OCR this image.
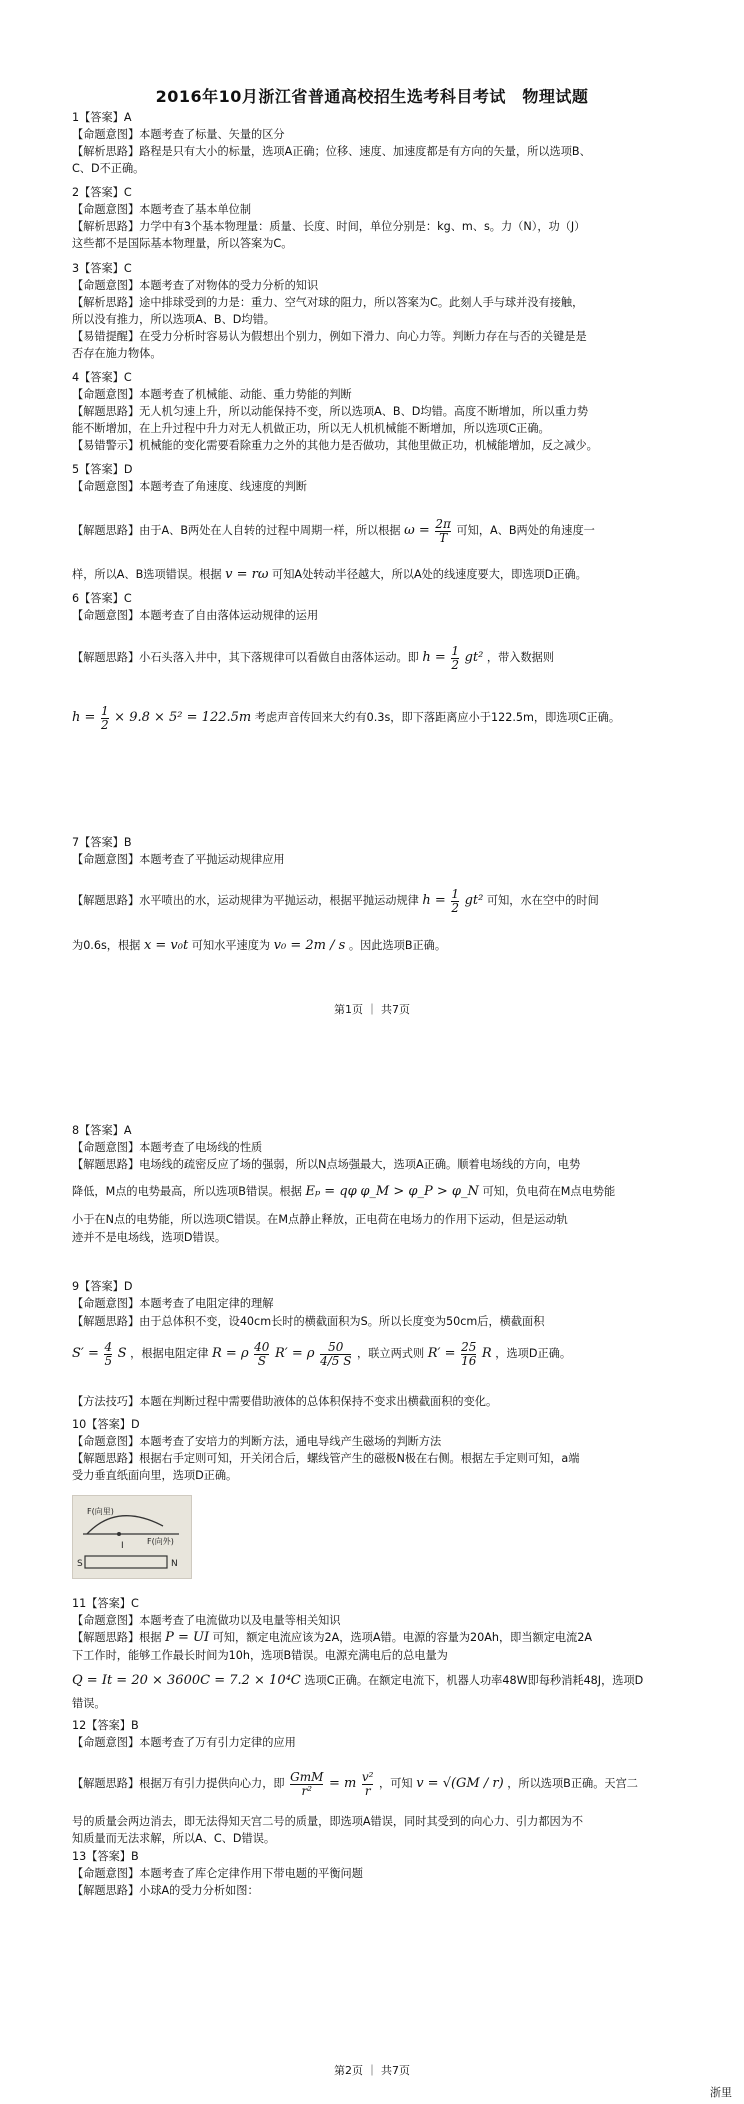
2016年10月浙江省普通高校招生选考科目考试　物理试题
1【答案】A
【命题意图】本题考查了标量、矢量的区分
【解析思路】路程是只有大小的标量，选项A正确；位移、速度、加速度都是有方向的矢量，所以选项B、
C、D不正确。
2【答案】C
【命题意图】本题考查了基本单位制
【解析思路】力学中有3个基本物理量：质量、长度、时间，单位分别是：kg、m、s。力（N），功（J）
这些都不是国际基本物理量，所以答案为C。
3【答案】C
【命题意图】本题考查了对物体的受力分析的知识
【解析思路】途中排球受到的力是：重力、空气对球的阻力，所以答案为C。此刻人手与球并没有接触，
所以没有推力，所以选项A、B、D均错。
【易错提醒】在受力分析时容易认为假想出个别力，例如下滑力、向心力等。判断力存在与否的关键是是
否存在施力物体。
4【答案】C
【命题意图】本题考查了机械能、动能、重力势能的判断
【解题思路】无人机匀速上升，所以动能保持不变，所以选项A、B、D均错。高度不断增加，所以重力势
能不断增加，在上升过程中升力对无人机做正功，所以无人机机械能不断增加，所以选项C正确。
【易错警示】机械能的变化需要看除重力之外的其他力是否做功，其他里做正功，机械能增加，反之减少。
5【答案】D
【命题意图】本题考查了角速度、线速度的判断
【解题思路】由于A、B两处在人自转的过程中周期一样，所以根据 $\omega = \frac{2\pi}{T}$ 可知，A、B两处的角速度一
样，所以A、B选项错误。根据 v = rω 可知A处转动半径越大，所以A处的线速度要大，即选项D正确。
6【答案】C
【命题意图】本题考查了自由落体运动规律的运用
【解题思路】小石头落入井中，其下落规律可以看做自由落体运动。即 $h = \frac{1}{2} gt^2$ ，带入数据则
$h = \frac{1}{2} \times 9.8 \times 5^2 = 122.5m$ 考虑声音传回来大约有0.3s，即下落距离应小于122.5m，即选项C正确。
7【答案】B
【命题意图】本题考查了平抛运动规律应用
【解题思路】水平喷出的水，运动规律为平抛运动，根据平抛运动规律 $h = \frac{1}{2} gt^2$ 可知，水在空中的时间
为0.6s，根据 x = v₀t 可知水平速度为 v₀ = 2m / s 。因此选项B正确。
第1页 ｜ 共7页
8【答案】A
【命题意图】本题考查了电场线的性质
【解题思路】电场线的疏密反应了场的强弱，所以N点场强最大，选项A正确。顺着电场线的方向，电势
降低，M点的电势最高，所以选项B错误。根据 Eₚ = qφ φ_M > φ_P > φ_N 可知，负电荷在M点电势能
小于在N点的电势能，所以选项C错误。在M点静止释放，正电荷在电场力的作用下运动，但是运动轨
迹并不是电场线，选项D错误。
9【答案】D
【命题意图】本题考查了电阻定律的理解
【解题思路】由于总体积不变，设40cm长时的横截面积为S。所以长度变为50cm后，横截面积
$S' = \frac{4}{5}$ S ，根据电阻定律 R = ρ $\frac{40}{S} R' = \rho \frac{50}{4/5 S}$ ，联立两式则 $R' = \frac{25}{16}$ R ，选项D正确。
【方法技巧】本题在判断过程中需要借助液体的总体积保持不变求出横截面积的变化。
10【答案】D
【命题意图】本题考查了安培力的判断方法，通电导线产生磁场的判断方法
【解题思路】根据右手定则可知，开关闭合后，螺线管产生的磁极N极在右侧。根据左手定则可知，a端
受力垂直纸面向里，选项D正确。
F(向里)
F(向外)
I
S	N
11【答案】C
【命题意图】本题考查了电流做功以及电量等相关知识
【解题思路】根据 P = UI 可知，额定电流应该为2A，选项A错。电源的容量为20Ah，即当额定电流2A
下工作时，能够工作最长时间为10h，选项B错误。电源充满电后的总电量为
Q = It = 20 × 3600C = 7.2 × 10⁴C 选项C正确。在额定电流下，机器人功率48W即每秒消耗48J，选项D
错误。
12【答案】B
【命题意图】本题考查了万有引力定律的应用
【解题思路】根据万有引力提供向心力，即 $\frac{\text{GmM}}{\text{r²}} = m \frac{\text{v²}}{r}$ ，可知 v = √(GM / r) ，所以选项B正确。天宫二
号的质量会两边消去，即无法得知天宫二号的质量，即选项A错误，同时其受到的向心力、引力都因为不
知质量而无法求解，所以A、C、D错误。
13【答案】B
【命题意图】本题考查了库仑定律作用下带电题的平衡问题
【解题思路】小球A的受力分析如图：
第2页 ｜ 共7页
浙里
